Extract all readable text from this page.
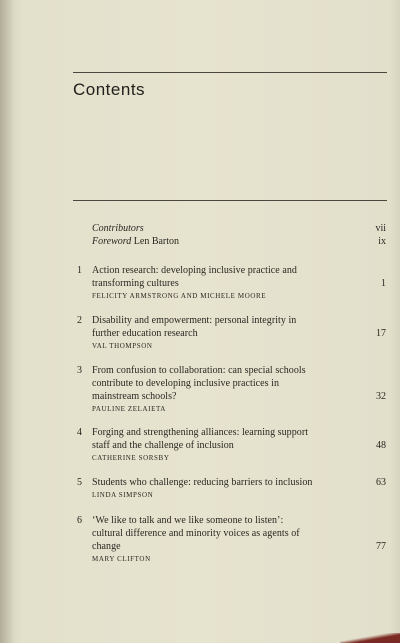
Contents
Contributors	vii
Foreword Len Barton	ix
1 Action research: developing inclusive practice and
transforming cultures
FELICITY ARMSTRONG AND MICHELE MOORE
1
2 Disability and empowerment: personal integrity in
further education research
VAL THOMPSON
17
3 From confusion to collaboration: can special schools
contribute to developing inclusive practices in
mainstream schools?
PAULINE ZELAIETA
32
4 Forging and strengthening alliances: learning support
staff and the challenge of inclusion
CATHERINE SORSBY
48
5 Students who challenge: reducing barriers to inclusion
LINDA SIMPSON
63
6 ‘We like to talk and we like someone to listen’:
cultural difference and minority voices as agents of
change
MARY CLIFTON
77
